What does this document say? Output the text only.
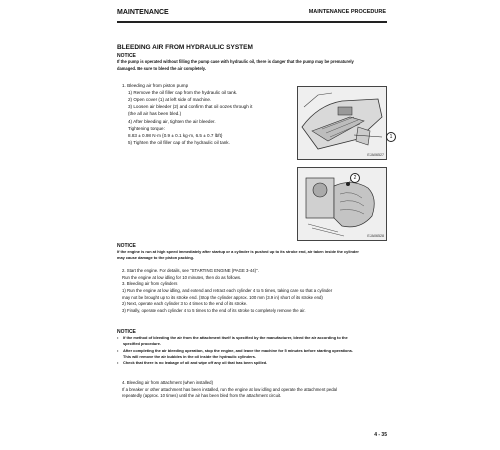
MAINTENANCE	MAINTENANCE PROCEDURE
BLEEDING AIR FROM HYDRAULIC SYSTEM
NOTICE
If the pump is operated without filling the pump case with hydraulic oil, there is danger that the pump may be prematurely
damaged. Be sure to bleed the air completely.
1. Bleeding air from piston pump
1) Remove the oil filler cap from the hydraulic oil tank.
2) Open cover (1) at left side of machine.
3) Loosen air bleeder (2) and confirm that oil oozes through it
(the all air has been bled.)
4) After bleeding air, tighten the air bleeder.
Tightening torque:
8.83 ± 0.98 N·m {0.9 ± 0.1 kg·m, 6.5 ± 0.7 lbft}
5) Tighten the oil filler cap of the hydraulic oil tank.
EJA06527
1
EJA06528
2
NOTICE
If the engine is run at high speed immediately after startup or a cylinder is pushed up to its stroke end, air taken inside the cylinder
may cause damage to the piston packing.
2. Start the engine. For details, see "STARTING ENGINE (PAGE 3-44)".
Run the engine at low idling for 10 minutes, then do as follows.
3. Bleeding air from cylinders
1) Run the engine at low idling, and extend and retract each cylinder 4 to 5 times, taking care so that a cylinder
may not be brought up to its stroke end. (Stop the cylinder approx. 100 mm (3.9 in) short of its stroke end)
2) Next, operate each cylinder 3 to 4 times to the end of its stroke.
3) Finally, operate each cylinder 4 to 5 times to the end of its stroke to completely remove the air.
NOTICE
•	If the method of bleeding the air from the attachment itself is specified by the manufacturer, bleed the air according to the
specified procedure.
•	After completing the air bleeding operation, stop the engine, and leave the machine for 5 minutes before starting operations.
This will remove the air bubbles in the oil inside the hydraulic cylinders.
•	Check that there is no leakage of oil and wipe off any oil that has been spilled.
4. Bleeding air from attachment (when installed)
If a breaker or other attachment has been installed, run the engine at low idling and operate the attachment pedal
repeatedly (approx. 10 times) until the air has been bled from the attachment circuit.
4 - 35
